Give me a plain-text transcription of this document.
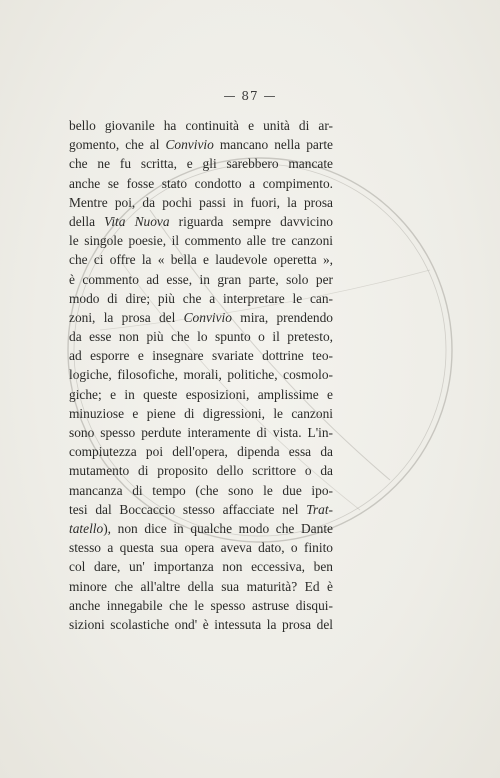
— 87 —
bello giovanile ha continuità e unità di ar-
gomento, che al Convivio mancano nella parte
che ne fu scritta, e gli sarebbero mancate
anche se fosse stato condotto a compimento.
Mentre poi, da pochi passi in fuori, la prosa
della Vita Nuova riguarda sempre davvicino
le singole poesie, il commento alle tre canzoni
che ci offre la « bella e laudevole operetta »,
è commento ad esse, in gran parte, solo per
modo di dire; più che a interpretare le can-
zoni, la prosa del Convivio mira, prendendo
da esse non più che lo spunto o il pretesto,
ad esporre e insegnare svariate dottrine teo-
logiche, filosofiche, morali, politiche, cosmolo-
giche; e in queste esposizioni, amplissime e
minuziose e piene di digressioni, le canzoni
sono spesso perdute interamente di vista. L'in-
compiutezza poi dell'opera, dipenda essa da
mutamento di proposito dello scrittore o da
mancanza di tempo (che sono le due ipo-
tesi dal Boccaccio stesso affacciate nel Trat-
tatello), non dice in qualche modo che Dante
stesso a questa sua opera aveva dato, o finito
col dare, un' importanza non eccessiva, ben
minore che all'altre della sua maturità? Ed è
anche innegabile che le spesso astruse disqui-
sizioni scolastiche ond' è intessuta la prosa del
